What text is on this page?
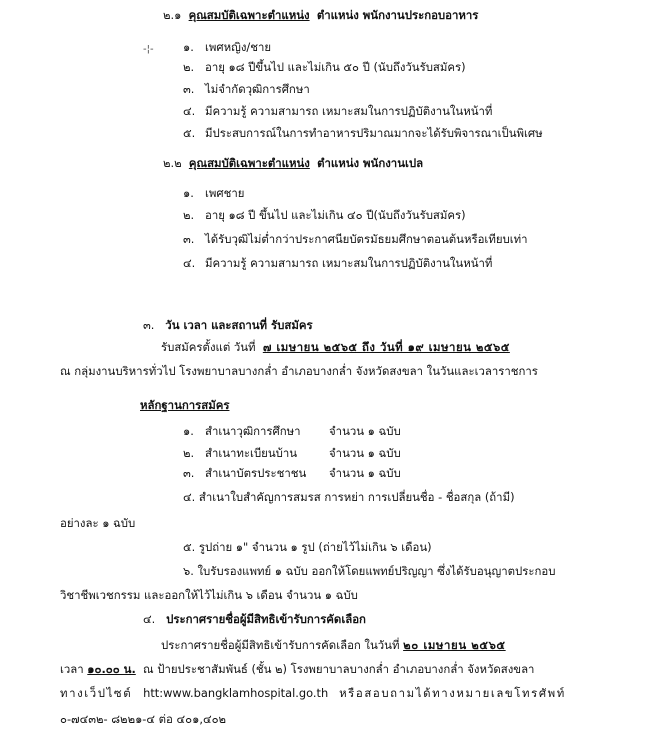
๒.๑ คุณสมบัติเฉพาะตำแหน่ง ตำแหน่ง พนักงานประกอบอาหาร
-¦-	๑. เพศหญิง/ชาย
๒. อายุ ๑๘ ปีขึ้นไป และไม่เกิน ๕๐ ปี (นับถึงวันรับสมัคร)
๓. ไม่จำกัดวุฒิการศึกษา
๔. มีความรู้ ความสามารถ เหมาะสมในการปฏิบัติงานในหน้าที่
๕. มีประสบการณ์ในการทำอาหารปริมาณมากจะได้รับพิจารณาเป็นพิเศษ
๒.๒ คุณสมบัติเฉพาะตำแหน่ง ตำแหน่ง พนักงานเปล
๑. เพศชาย
๒. อายุ ๑๘ ปี ขึ้นไป และไม่เกิน ๔๐ ปี(นับถึงวันรับสมัคร)
๓. ได้รับวุฒิไม่ต่ำกว่าประกาศนียบัตรมัธยมศึกษาตอนต้นหรือเทียบเท่า
๔. มีความรู้ ความสามารถ เหมาะสมในการปฏิบัติงานในหน้าที่
๓. วัน เวลา และสถานที่ รับสมัคร
รับสมัครตั้งแต่ วันที่ ๗ เมษายน ๒๕๖๕ ถึง วันที่ ๑๙ เมษายน ๒๕๖๕
ณ กลุ่มงานบริหารทั่วไป โรงพยาบาลบางกล่ำ อำเภอบางกล่ำ จังหวัดสงขลา ในวันและเวลาราชการ
หลักฐานการสมัคร
๑. สำเนาวุฒิการศึกษา จำนวน ๑ ฉบับ
๒. สำเนาทะเบียนบ้าน	จำนวน ๑ ฉบับ
๓. สำเนาบัตรประชาชน จำนวน ๑ ฉบับ
๔. สำเนาใบสำคัญการสมรส การหย่า การเปลี่ยนชื่อ - ชื่อสกุล (ถ้ามี)
อย่างละ ๑ ฉบับ
๕. รูปถ่าย ๑" จำนวน ๑ รูป (ถ่ายไว้ไม่เกิน ๖ เดือน)
๖. ใบรับรองแพทย์ ๑ ฉบับ ออกให้โดยแพทย์ปริญญา ซึ่งได้รับอนุญาตประกอบ
วิชาชีพเวชกรรม และออกให้ไว้ไม่เกิน ๖ เดือน จำนวน ๑ ฉบับ
๔. ประกาศรายชื่อผู้มีสิทธิเข้ารับการคัดเลือก
ประกาศรายชื่อผู้มีสิทธิเข้ารับการคัดเลือก ในวันที่ ๒๐ เมษายน ๒๕๖๕
เวลา ๑๐.๐๐ น. ณ ป้ายประชาสัมพันธ์ (ชั้น ๒) โรงพยาบาลบางกล่ำ อำเภอบางกล่ำ จังหวัดสงขลา
ทางเว็ปไซต์ htt:www.bangklamhospital.go.th หรือสอบถามได้ทางหมายเลขโทรศัพท์
๐-๗๔๓๒- ๘๒๒๑-๔ ต่อ ๔๐๑,๔๐๒
